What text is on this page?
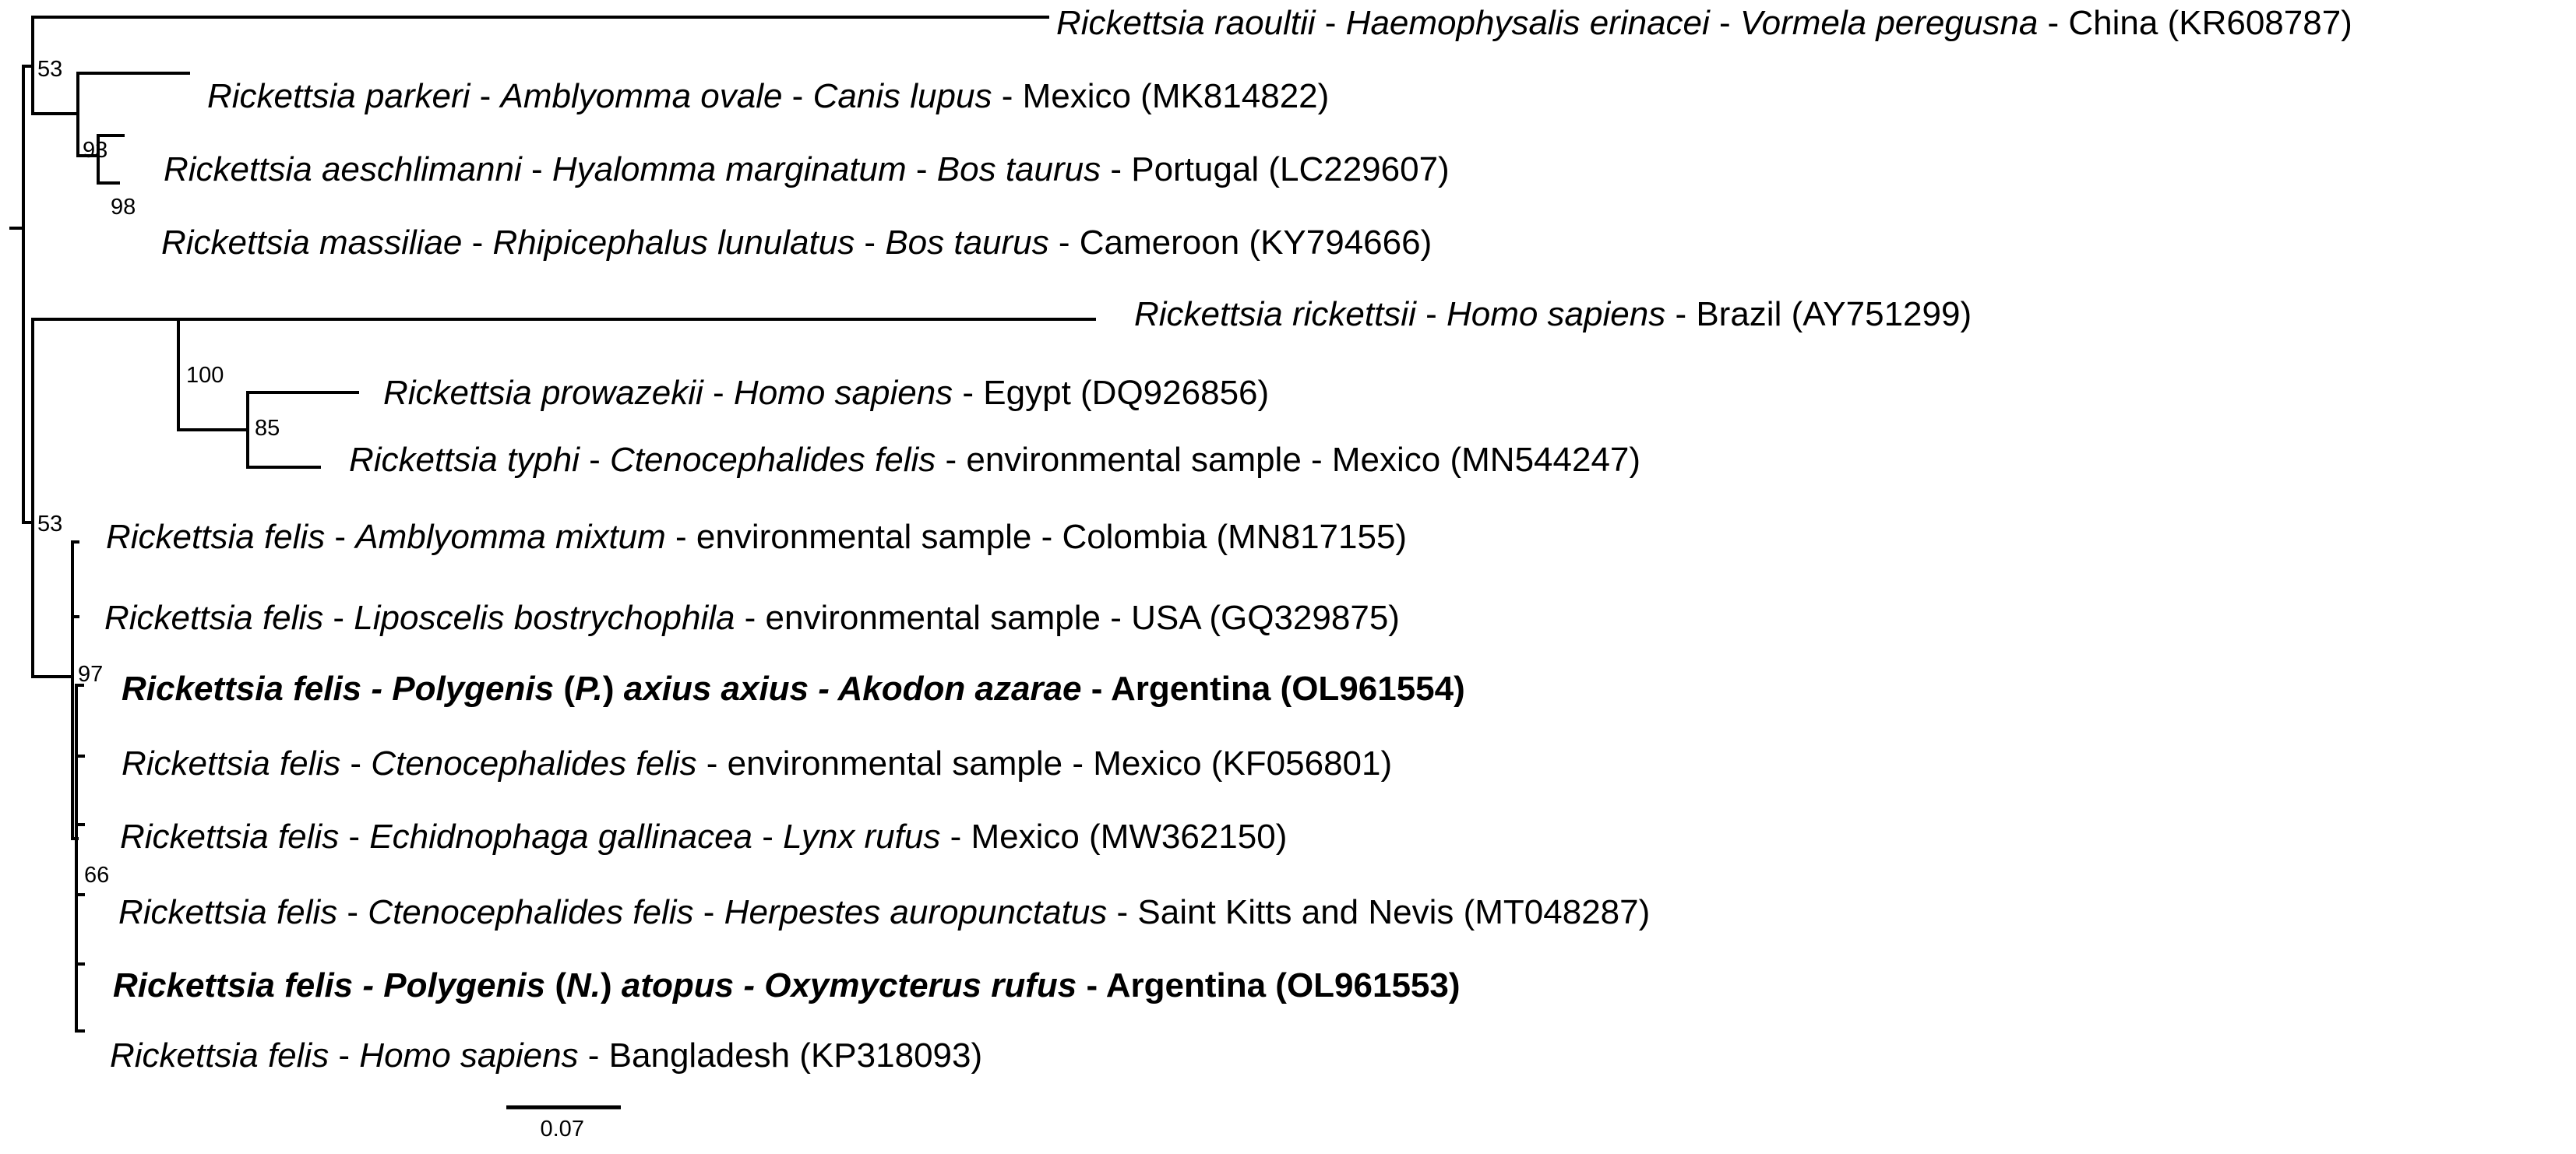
Rickettsia raoultii - Haemophysalis erinacei - Vormela peregusna - China (KR608787)
Rickettsia parkeri - Amblyomma ovale - Canis lupus - Mexico (MK814822)
Rickettsia aeschlimanni - Hyalomma marginatum - Bos taurus - Portugal (LC229607)
Rickettsia massiliae - Rhipicephalus lunulatus - Bos taurus - Cameroon (KY794666)
Rickettsia rickettsii - Homo sapiens - Brazil (AY751299)
Rickettsia prowazekii - Homo sapiens - Egypt (DQ926856)
Rickettsia typhi - Ctenocephalides felis - environmental sample - Mexico (MN544247)
Rickettsia felis - Amblyomma mixtum - environmental sample - Colombia (MN817155)
Rickettsia felis - Liposcelis bostrychophila - environmental sample - USA (GQ329875)
Rickettsia felis - Polygenis (P.) axius axius - Akodon azarae - Argentina (OL961554)
Rickettsia felis - Ctenocephalides felis - environmental sample - Mexico (KF056801)
Rickettsia felis - Echidnophaga gallinacea - Lynx rufus - Mexico (MW362150)
Rickettsia felis - Ctenocephalides felis - Herpestes auropunctatus - Saint Kitts and Nevis (MT048287)
Rickettsia felis - Polygenis (N.) atopus - Oxymycterus rufus - Argentina (OL961553)
Rickettsia felis - Homo sapiens - Bangladesh (KP318093)
53
93
98
100
85
53
97
66
0.07
